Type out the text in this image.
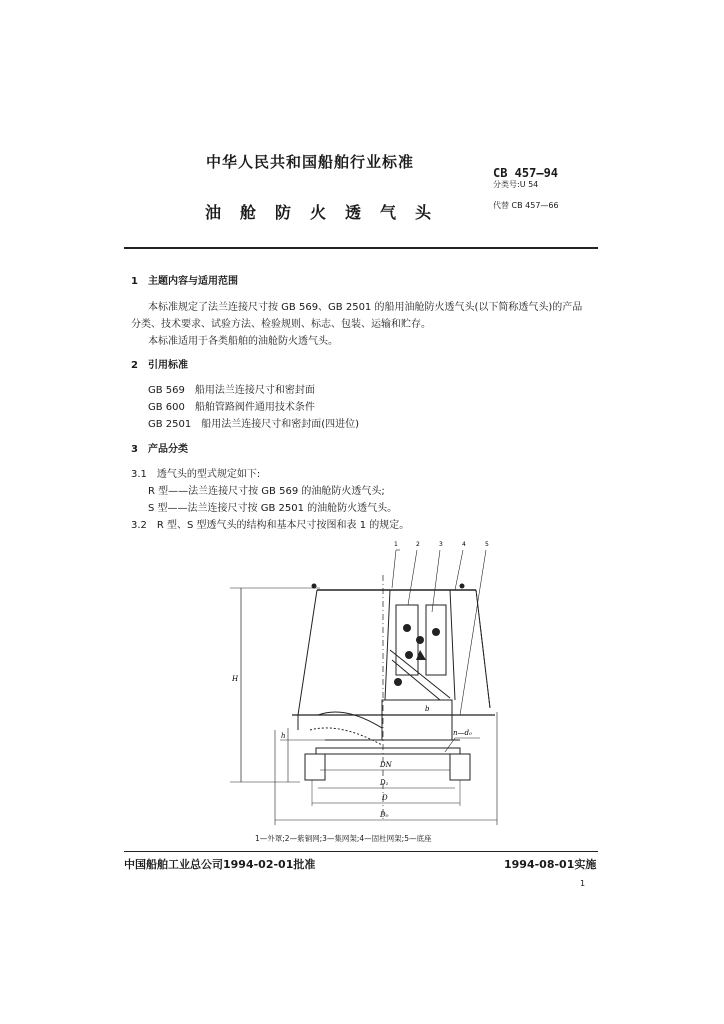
中华人民共和国船舶行业标准
油舱防火透气头
CB 457—94
分类号:U 54
代替 CB 457—66
1　主题内容与适用范围
本标准规定了法兰连接尺寸按 GB 569、GB 2501 的船用油舱防火透气头(以下简称透气头)的产品
分类、技术要求、试验方法、检验规则、标志、包装、运输和贮存。
本标准适用于各类船舶的油舱防火透气头。
2　引用标准
GB 569　船用法兰连接尺寸和密封面
GB 600　船舶管路阀件通用技术条件
GB 2501　船用法兰连接尺寸和密封面(四进位)
3　产品分类
3.1　透气头的型式规定如下:
R 型——法兰连接尺寸按 GB 569 的油舱防火透气头;
S 型——法兰连接尺寸按 GB 2501 的油舱防火透气头。
3.2　R 型、S 型透气头的结构和基本尺寸按图和表 1 的规定。
H
h
DN
D₁
D
D₀
n—d₀
b
1	2	3	4	5
1—外罩;2—紫铜网;3—集网架;4—固杜网架;5—底座
中国船舶工业总公司1994-02-01批准	1994-08-01实施
1
